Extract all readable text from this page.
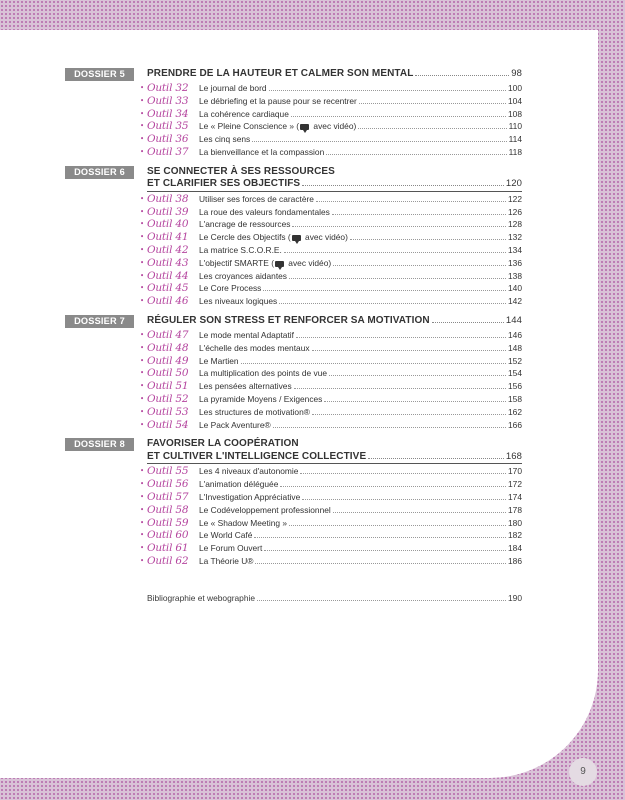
DOSSIER 5	PRENDRE DE LA HAUTEUR ET CALMER SON MENTAL	98
• Outil 32	Le journal de bord	100
• Outil 33	Le débriefing et la pause pour se recentrer	104
• Outil 34	La cohérence cardiaque	108
• Outil 35	Le « Pleine Conscience » ( avec vidéo)	110
• Outil 36	Les cinq sens	114
• Outil 37	La bienveillance et la compassion	118
DOSSIER 6	SE CONNECTER À SES RESSOURCES
ET CLARIFIER SES OBJECTIFS	120
• Outil 38	Utiliser ses forces de caractère	122
• Outil 39	La roue des valeurs fondamentales	126
• Outil 40	L'ancrage de ressources	128
• Outil 41	Le Cercle des Objectifs ( avec vidéo)	132
• Outil 42	La matrice S.C.O.R.E.	134
• Outil 43	L'objectif SMARTE ( avec vidéo)	136
• Outil 44	Les croyances aidantes	138
• Outil 45	Le Core Process	140
• Outil 46	Les niveaux logiques	142
DOSSIER 7	RÉGULER SON STRESS ET RENFORCER SA MOTIVATION	144
• Outil 47	Le mode mental Adaptatif	146
• Outil 48	L'échelle des modes mentaux	148
• Outil 49	Le Martien	152
• Outil 50	La multiplication des points de vue	154
• Outil 51	Les pensées alternatives	156
• Outil 52	La pyramide Moyens / Exigences	158
• Outil 53	Les structures de motivation®	162
• Outil 54	Le Pack Aventure®	166
DOSSIER 8	FAVORISER LA COOPÉRATION
ET CULTIVER L'INTELLIGENCE COLLECTIVE	168
• Outil 55	Les 4 niveaux d'autonomie	170
• Outil 56	L'animation déléguée	172
• Outil 57	L'Investigation Appréciative	174
• Outil 58	Le Codéveloppement professionnel	178
• Outil 59	Le « Shadow Meeting »	180
• Outil 60	Le World Café	182
• Outil 61	Le Forum Ouvert	184
• Outil 62	La Théorie U®	186
Bibliographie et webographie	190
9
